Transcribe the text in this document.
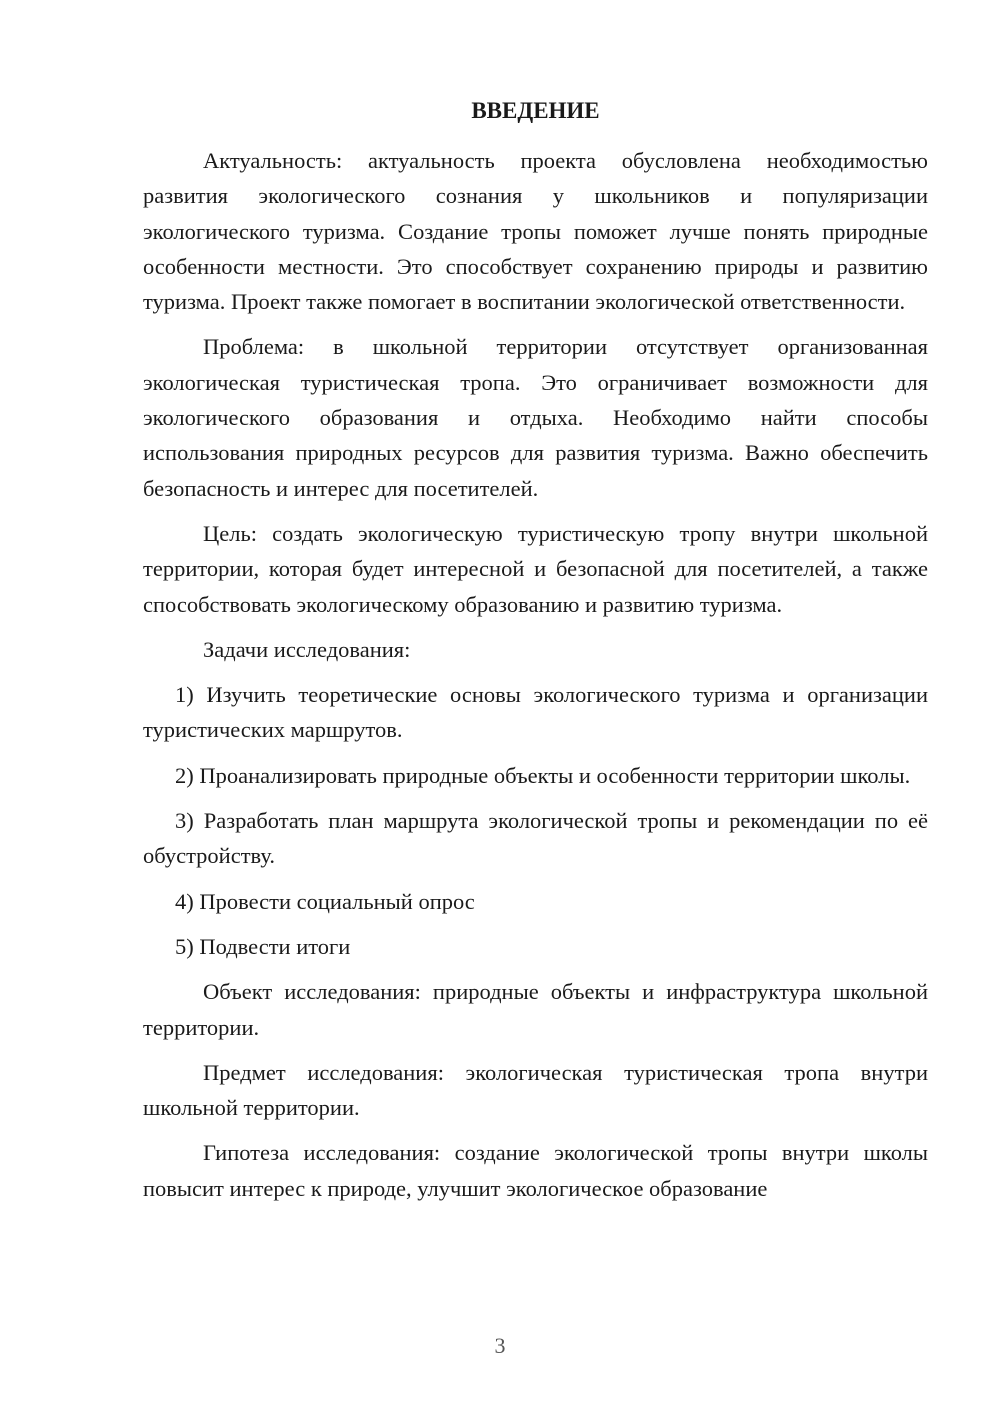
ВВЕДЕНИЕ

Актуальность: актуальность проекта обусловлена необходимостью развития экологического сознания у школьников и популяризации экологического туризма. Создание тропы поможет лучше понять природные особенности местности. Это способствует сохранению природы и развитию туризма. Проект также помогает в воспитании экологической ответственности.

Проблема: в школьной территории отсутствует организованная экологическая туристическая тропа. Это ограничивает возможности для экологического образования и отдыха. Необходимо найти способы использования природных ресурсов для развития туризма. Важно обеспечить безопасность и интерес для посетителей.

Цель: создать экологическую туристическую тропу внутри школьной территории, которая будет интересной и безопасной для посетителей, а также способствовать экологическому образованию и развитию туризма.

Задачи исследования:

1) Изучить теоретические основы экологического туризма и организации туристических маршрутов.

2) Проанализировать природные объекты и особенности территории школы.

3) Разработать план маршрута экологической тропы и рекомендации по её обустройству.

4) Провести социальный опрос

5) Подвести итоги

Объект исследования: природные объекты и инфраструктура школьной территории.

Предмет исследования: экологическая туристическая тропа внутри школьной территории.

Гипотеза исследования: создание экологической тропы внутри школы повысит интерес к природе, улучшит экологическое образование

3
